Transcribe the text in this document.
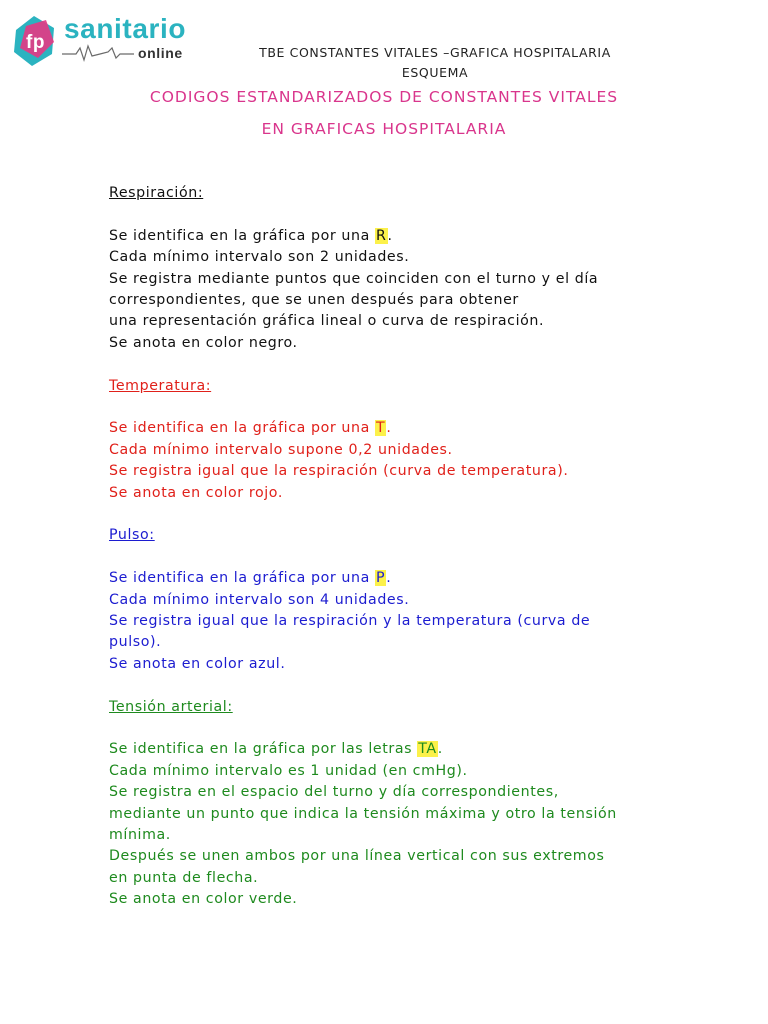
fp sanitario
online	TBE CONSTANTES VITALES –GRAFICA HOSPITALARIA
ESQUEMA
CODIGOS ESTANDARIZADOS DE CONSTANTES VITALES
EN GRAFICAS HOSPITALARIA
Respiración:
Se identifica en la gráfica por una R.
Cada mínimo intervalo son 2 unidades.
Se registra mediante puntos que coinciden con el turno y el día
correspondientes, que se unen después para obtener
una representación gráfica lineal o curva de respiración.
Se anota en color negro.
Temperatura:
Se identifica en la gráfica por una T.
Cada mínimo intervalo supone 0,2 unidades.
Se registra igual que la respiración (curva de temperatura).
Se anota en color rojo.
Pulso:
Se identifica en la gráfica por una P.
Cada mínimo intervalo son 4 unidades.
Se registra igual que la respiración y la temperatura (curva de
pulso).
Se anota en color azul.
Tensión arterial:
Se identifica en la gráfica por las letras TA.
Cada mínimo intervalo es 1 unidad (en cmHg).
Se registra en el espacio del turno y día correspondientes,
mediante un punto que indica la tensión máxima y otro la tensión
mínima.
Después se unen ambos por una línea vertical con sus extremos
en punta de flecha.
Se anota en color verde.
